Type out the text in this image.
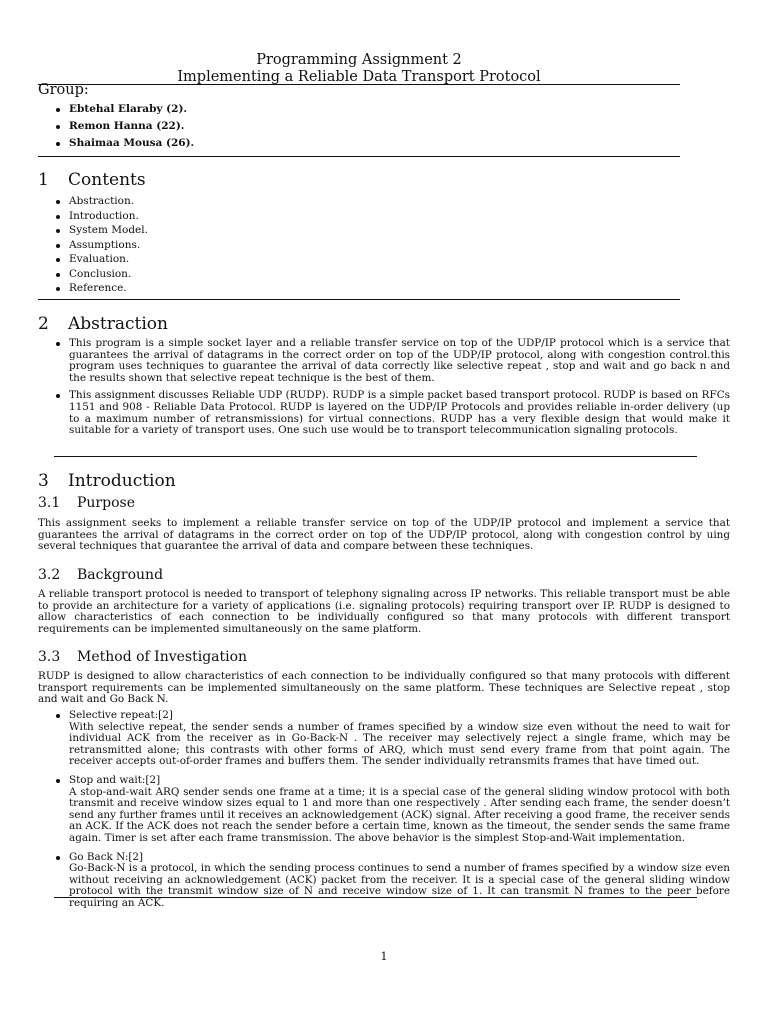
Programming Assignment 2
Implementing a Reliable Data Transport Protocol
Group:
Ebtehal Elaraby (2).
Remon Hanna (22).
Shaimaa Mousa (26).
1 Contents
Abstraction.
Introduction.
System Model.
Assumptions.
Evaluation.
Conclusion.
Reference.
2 Abstraction
This program is a simple socket layer and a reliable transfer service on top of the UDP/IP protocol which is a service that guarantees the arrival of datagrams in the correct order on top of the UDP/IP protocol, along with congestion control.this program uses techniques to guarantee the arrival of data correctly like selective repeat , stop and wait and go back n and the results shown that selective repeat technique is the best of them.
This assignment discusses Reliable UDP (RUDP). RUDP is a simple packet based transport protocol. RUDP is based on RFCs 1151 and 908 - Reliable Data Protocol. RUDP is layered on the UDP/IP Protocols and provides reliable in-order delivery (up to a maximum number of retransmissions) for virtual connections. RUDP has a very flexible design that would make it suitable for a variety of transport uses. One such use would be to transport telecommunication signaling protocols.
3 Introduction
3.1 Purpose
This assignment seeks to implement a reliable transfer service on top of the UDP/IP protocol and implement a service that guarantees the arrival of datagrams in the correct order on top of the UDP/IP protocol, along with congestion control by uing several techniques that guarantee the arrival of data and compare between these techniques.
3.2 Background
A reliable transport protocol is needed to transport of telephony signaling across IP networks. This reliable transport must be able to provide an architecture for a variety of applications (i.e. signaling protocols) requiring transport over IP. RUDP is designed to allow characteristics of each connection to be individually configured so that many protocols with different transport requirements can be implemented simultaneously on the same platform.
3.3 Method of Investigation
RUDP is designed to allow characteristics of each connection to be individually configured so that many protocols with different transport requirements can be implemented simultaneously on the same platform. These techniques are Selective repeat , stop and wait and Go Back N.
Selective repeat:[2]
With selective repeat, the sender sends a number of frames specified by a window size even without the need to wait for individual ACK from the receiver as in Go-Back-N . The receiver may selectively reject a single frame, which may be retransmitted alone; this contrasts with other forms of ARQ, which must send every frame from that point again. The receiver accepts out-of-order frames and buffers them. The sender individually retransmits frames that have timed out.
Stop and wait:[2]
A stop-and-wait ARQ sender sends one frame at a time; it is a special case of the general sliding window protocol with both transmit and receive window sizes equal to 1 and more than one respectively . After sending each frame, the sender doesn’t send any further frames until it receives an acknowledgement (ACK) signal. After receiving a good frame, the receiver sends an ACK. If the ACK does not reach the sender before a certain time, known as the timeout, the sender sends the same frame again. Timer is set after each frame transmission. The above behavior is the simplest Stop-and-Wait implementation.
Go Back N:[2]
Go-Back-N is a protocol, in which the sending process continues to send a number of frames specified by a window size even without receiving an acknowledgement (ACK) packet from the receiver. It is a special case of the general sliding window protocol with the transmit window size of N and receive window size of 1. It can transmit N frames to the peer before requiring an ACK.
1
